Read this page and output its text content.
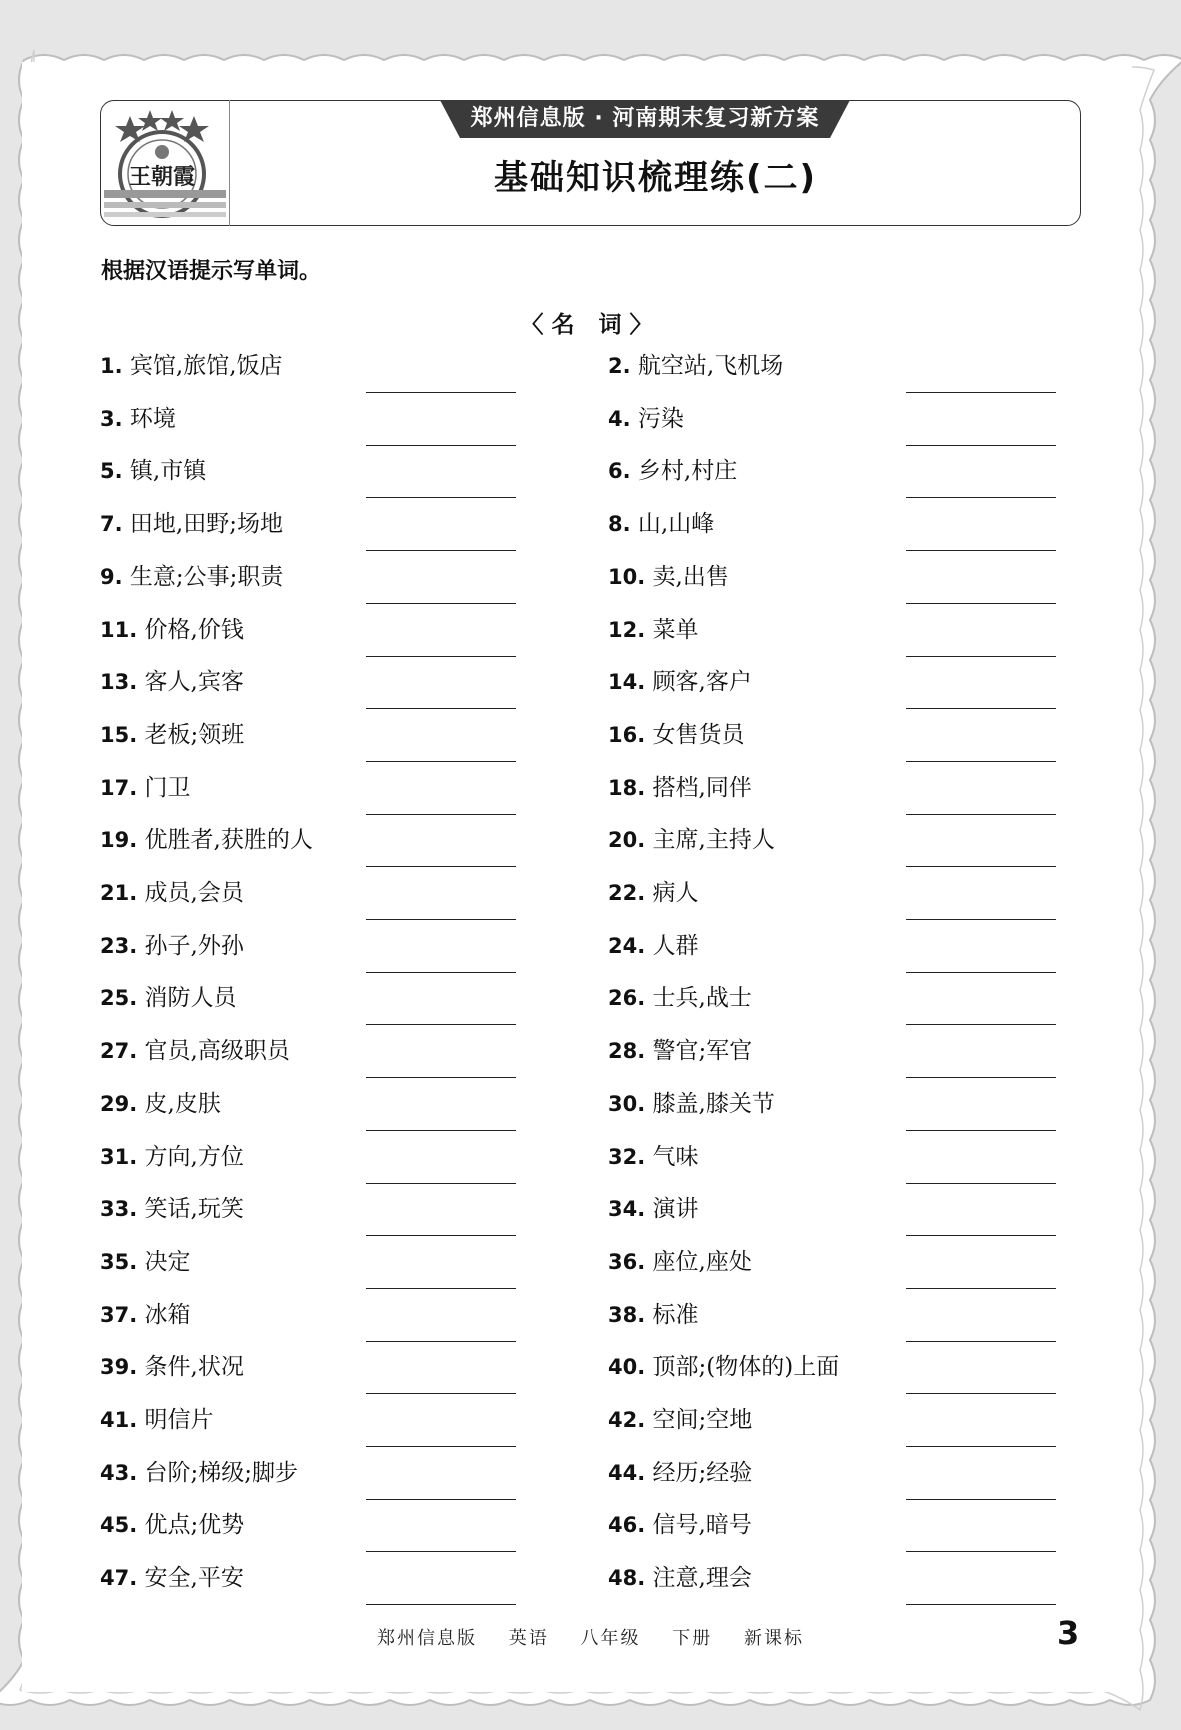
王朝霞
郑州信息版 · 河南期末复习新方案
基础知识梳理练(二)
根据汉语提示写单词。
〈名 词〉
1. 宾馆,旅馆,饭店	2. 航空站,飞机场
3. 环境	4. 污染
5. 镇,市镇	6. 乡村,村庄
7. 田地,田野;场地	8. 山,山峰
9. 生意;公事;职责	10. 卖,出售
11. 价格,价钱	12. 菜单
13. 客人,宾客	14. 顾客,客户
15. 老板;领班	16. 女售货员
17. 门卫	18. 搭档,同伴
19. 优胜者,获胜的人	20. 主席,主持人
21. 成员,会员	22. 病人
23. 孙子,外孙	24. 人群
25. 消防人员	26. 士兵,战士
27. 官员,高级职员	28. 警官;军官
29. 皮,皮肤	30. 膝盖,膝关节
31. 方向,方位	32. 气味
33. 笑话,玩笑	34. 演讲
35. 决定	36. 座位,座处
37. 冰箱	38. 标准
39. 条件,状况	40. 顶部;(物体的)上面
41. 明信片	42. 空间;空地
43. 台阶;梯级;脚步	44. 经历;经验
45. 优点;优势	46. 信号,暗号
47. 安全,平安	48. 注意,理会
郑州信息版 英语 八年级 下册 新课标	3
